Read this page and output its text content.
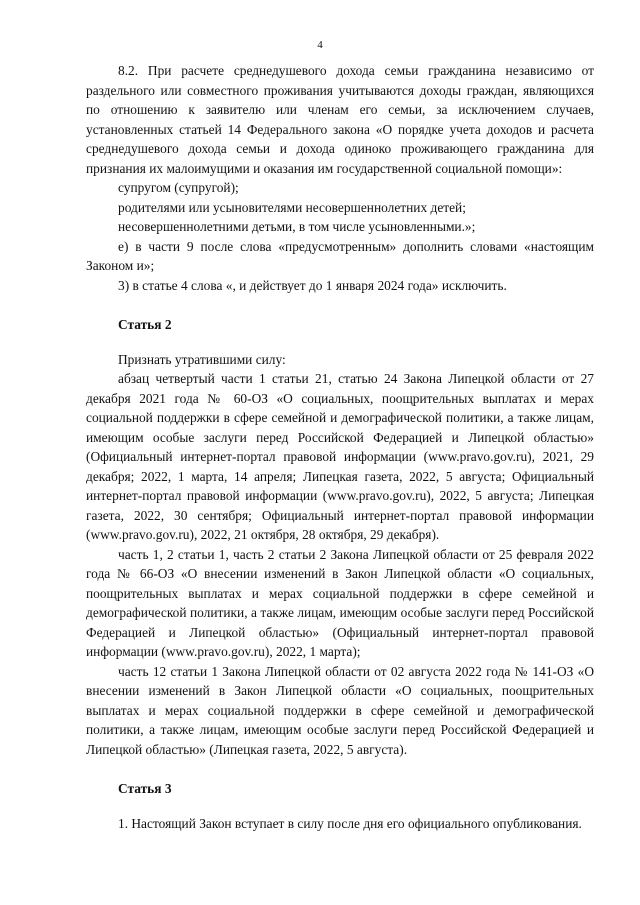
4

8.2. При расчете среднедушевого дохода семьи гражданина независимо от раздельного или совместного проживания учитываются доходы граждан, являющихся по отношению к заявителю или членам его семьи, за исключением случаев, установленных статьей 14 Федерального закона «О порядке учета доходов и расчета среднедушевого дохода семьи и дохода одиноко проживающего гражданина для признания их малоимущими и оказания им государственной социальной помощи»:

супругом (супругой);

родителями или усыновителями несовершеннолетних детей;

несовершеннолетними детьми, в том числе усыновленными.»;

е) в части 9 после слова «предусмотренным» дополнить словами «настоящим Законом и»;

3) в статье 4 слова «, и действует до 1 января 2024 года» исключить.

Статья 2

Признать утратившими силу:

абзац четвертый части 1 статьи 21, статью 24 Закона Липецкой области от 27 декабря 2021 года № 60-ОЗ «О социальных, поощрительных выплатах и мерах социальной поддержки в сфере семейной и демографической политики, а также лицам, имеющим особые заслуги перед Российской Федерацией и Липецкой областью» (Официальный интернет-портал правовой информации (www.pravo.gov.ru), 2021, 29 декабря; 2022, 1 марта, 14 апреля; Липецкая газета, 2022, 5 августа; Официальный интернет-портал правовой информации (www.pravo.gov.ru), 2022, 5 августа; Липецкая газета, 2022, 30 сентября; Официальный интернет-портал правовой информации (www.pravo.gov.ru), 2022, 21 октября, 28 октября, 29 декабря).

часть 1, 2 статьи 1, часть 2 статьи 2 Закона Липецкой области от 25 февраля 2022 года № 66-ОЗ «О внесении изменений в Закон Липецкой области «О социальных, поощрительных выплатах и мерах социальной поддержки в сфере семейной и демографической политики, а также лицам, имеющим особые заслуги перед Российской Федерацией и Липецкой областью» (Официальный интернет-портал правовой информации (www.pravo.gov.ru), 2022, 1 марта);

часть 12 статьи 1 Закона Липецкой области от 02 августа 2022 года № 141-ОЗ «О внесении изменений в Закон Липецкой области «О социальных, поощрительных выплатах и мерах социальной поддержки в сфере семейной и демографической политики, а также лицам, имеющим особые заслуги перед Российской Федерацией и Липецкой областью» (Липецкая газета, 2022, 5 августа).

Статья 3

1. Настоящий Закон вступает в силу после дня его официального опубликования.
